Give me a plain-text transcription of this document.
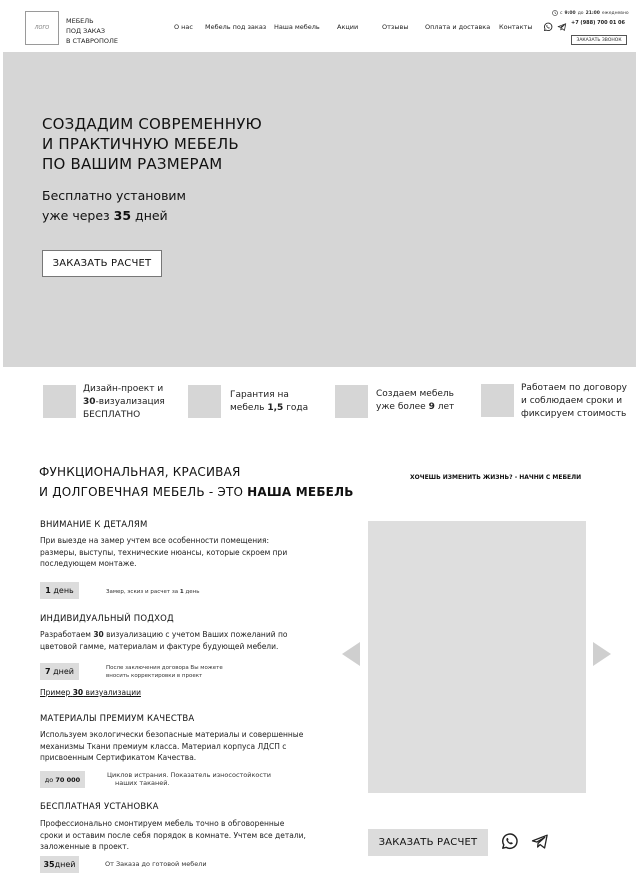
ЛОГО
МЕБЕЛЬ
ПОД ЗАКАЗ
В СТАВРОПОЛЕ
О нас Мебель под заказ Наша мебель	Акции	Отзывы	Оплата и доставка Контакты
с 9:00 до 21:00 ежедневно
+7 (988) 700 01 06
ЗАКАЗАТЬ ЗВОНОК
СОЗДАДИМ СОВРЕМЕННУЮ
И ПРАКТИЧНУЮ МЕБЕЛЬ
ПО ВАШИМ РАЗМЕРАМ
Бесплатно установим
уже через 35 дней
ЗАКАЗАТЬ РАСЧЕТ
Дизайн-проект и
30-визуализация
БЕСПЛАТНО
Гарантия на
мебель 1,5 года
Создаем мебель
уже более 9 лет
Работаем по договору
и соблюдаем сроки и
фиксируем стоимость
ФУНКЦИОНАЛЬНАЯ, КРАСИВАЯ
И ДОЛГОВЕЧНАЯ МЕБЕЛЬ - ЭТО НАША МЕБЕЛЬ
ХОЧЕШЬ ИЗМЕНИТЬ ЖИЗНЬ? - НАЧНИ С МЕБЕЛИ
ВНИМАНИЕ К ДЕТАЛЯМ
При выезде на замер учтем все особенности помещения:
размеры, выступы, технические нюансы, которые скроем при
последующем монтаже.
1
день	Замер, эскиз и расчет за 1 день
ИНДИВИДУАЛЬНЫЙ ПОДХОД
Разработаем 30 визуализацию с учетом Ваших пожеланий по
цветовой гамме, материалам и фактуре будующей мебели.
7
дней	После заключения договора Вы можете
вносить корректировки в проект
Пример 30 визуализации
МАТЕРИАЛЫ ПРЕМИУМ КАЧЕСТВА
Используем экологически безопасные материалы и совершенные
механизмы Ткани премиум класса. Материал корпуса ЛДСП с
присвоенным Сертификатом Качества.
до
70 000
Циклов истрания. Показатель износостойкости
наших таканей.
БЕСПЛАТНАЯ УСТАНОВКА
Профессионально смонтируем мебель точно в обговоренные
сроки и оставим после себя порядок в комнате. Учтем все детали,
заложенные в проект.
35 дней	От Заказа до готовой мебели
ЗАКАЗАТЬ РАСЧЕТ
